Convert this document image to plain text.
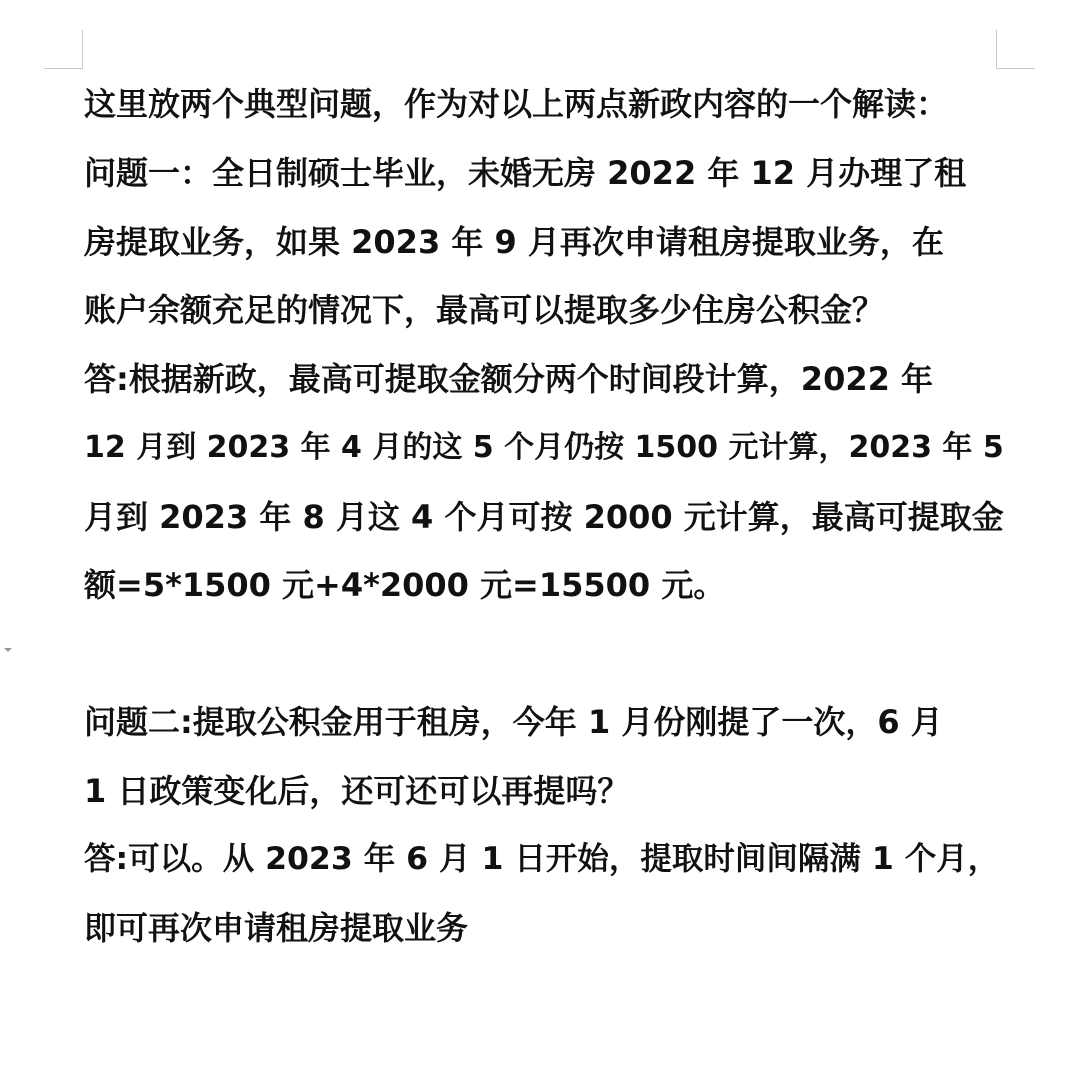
这里放两个典型问题，作为对以上两点新政内容的一个解读：
问题一：全日制硕士毕业，未婚无房 2022 年 12 月办理了租
房提取业务，如果 2023 年 9 月再次申请租房提取业务，在
账户余额充足的情况下，最高可以提取多少住房公积金？
答:根据新政，最高可提取金额分两个时间段计算，2022 年
12 月到 2023 年 4 月的这 5 个月仍按 1500 元计算，2023 年 5
月到 2023 年 8 月这 4 个月可按 2000 元计算，最高可提取金
额=5*1500 元+4*2000 元=15500 元。
问题二:提取公积金用于租房，今年 1 月份刚提了一次，6 月
1 日政策变化后，还可还可以再提吗？
答:可以。从 2023 年 6 月 1 日开始，提取时间间隔满 1 个月，
即可再次申请租房提取业务
